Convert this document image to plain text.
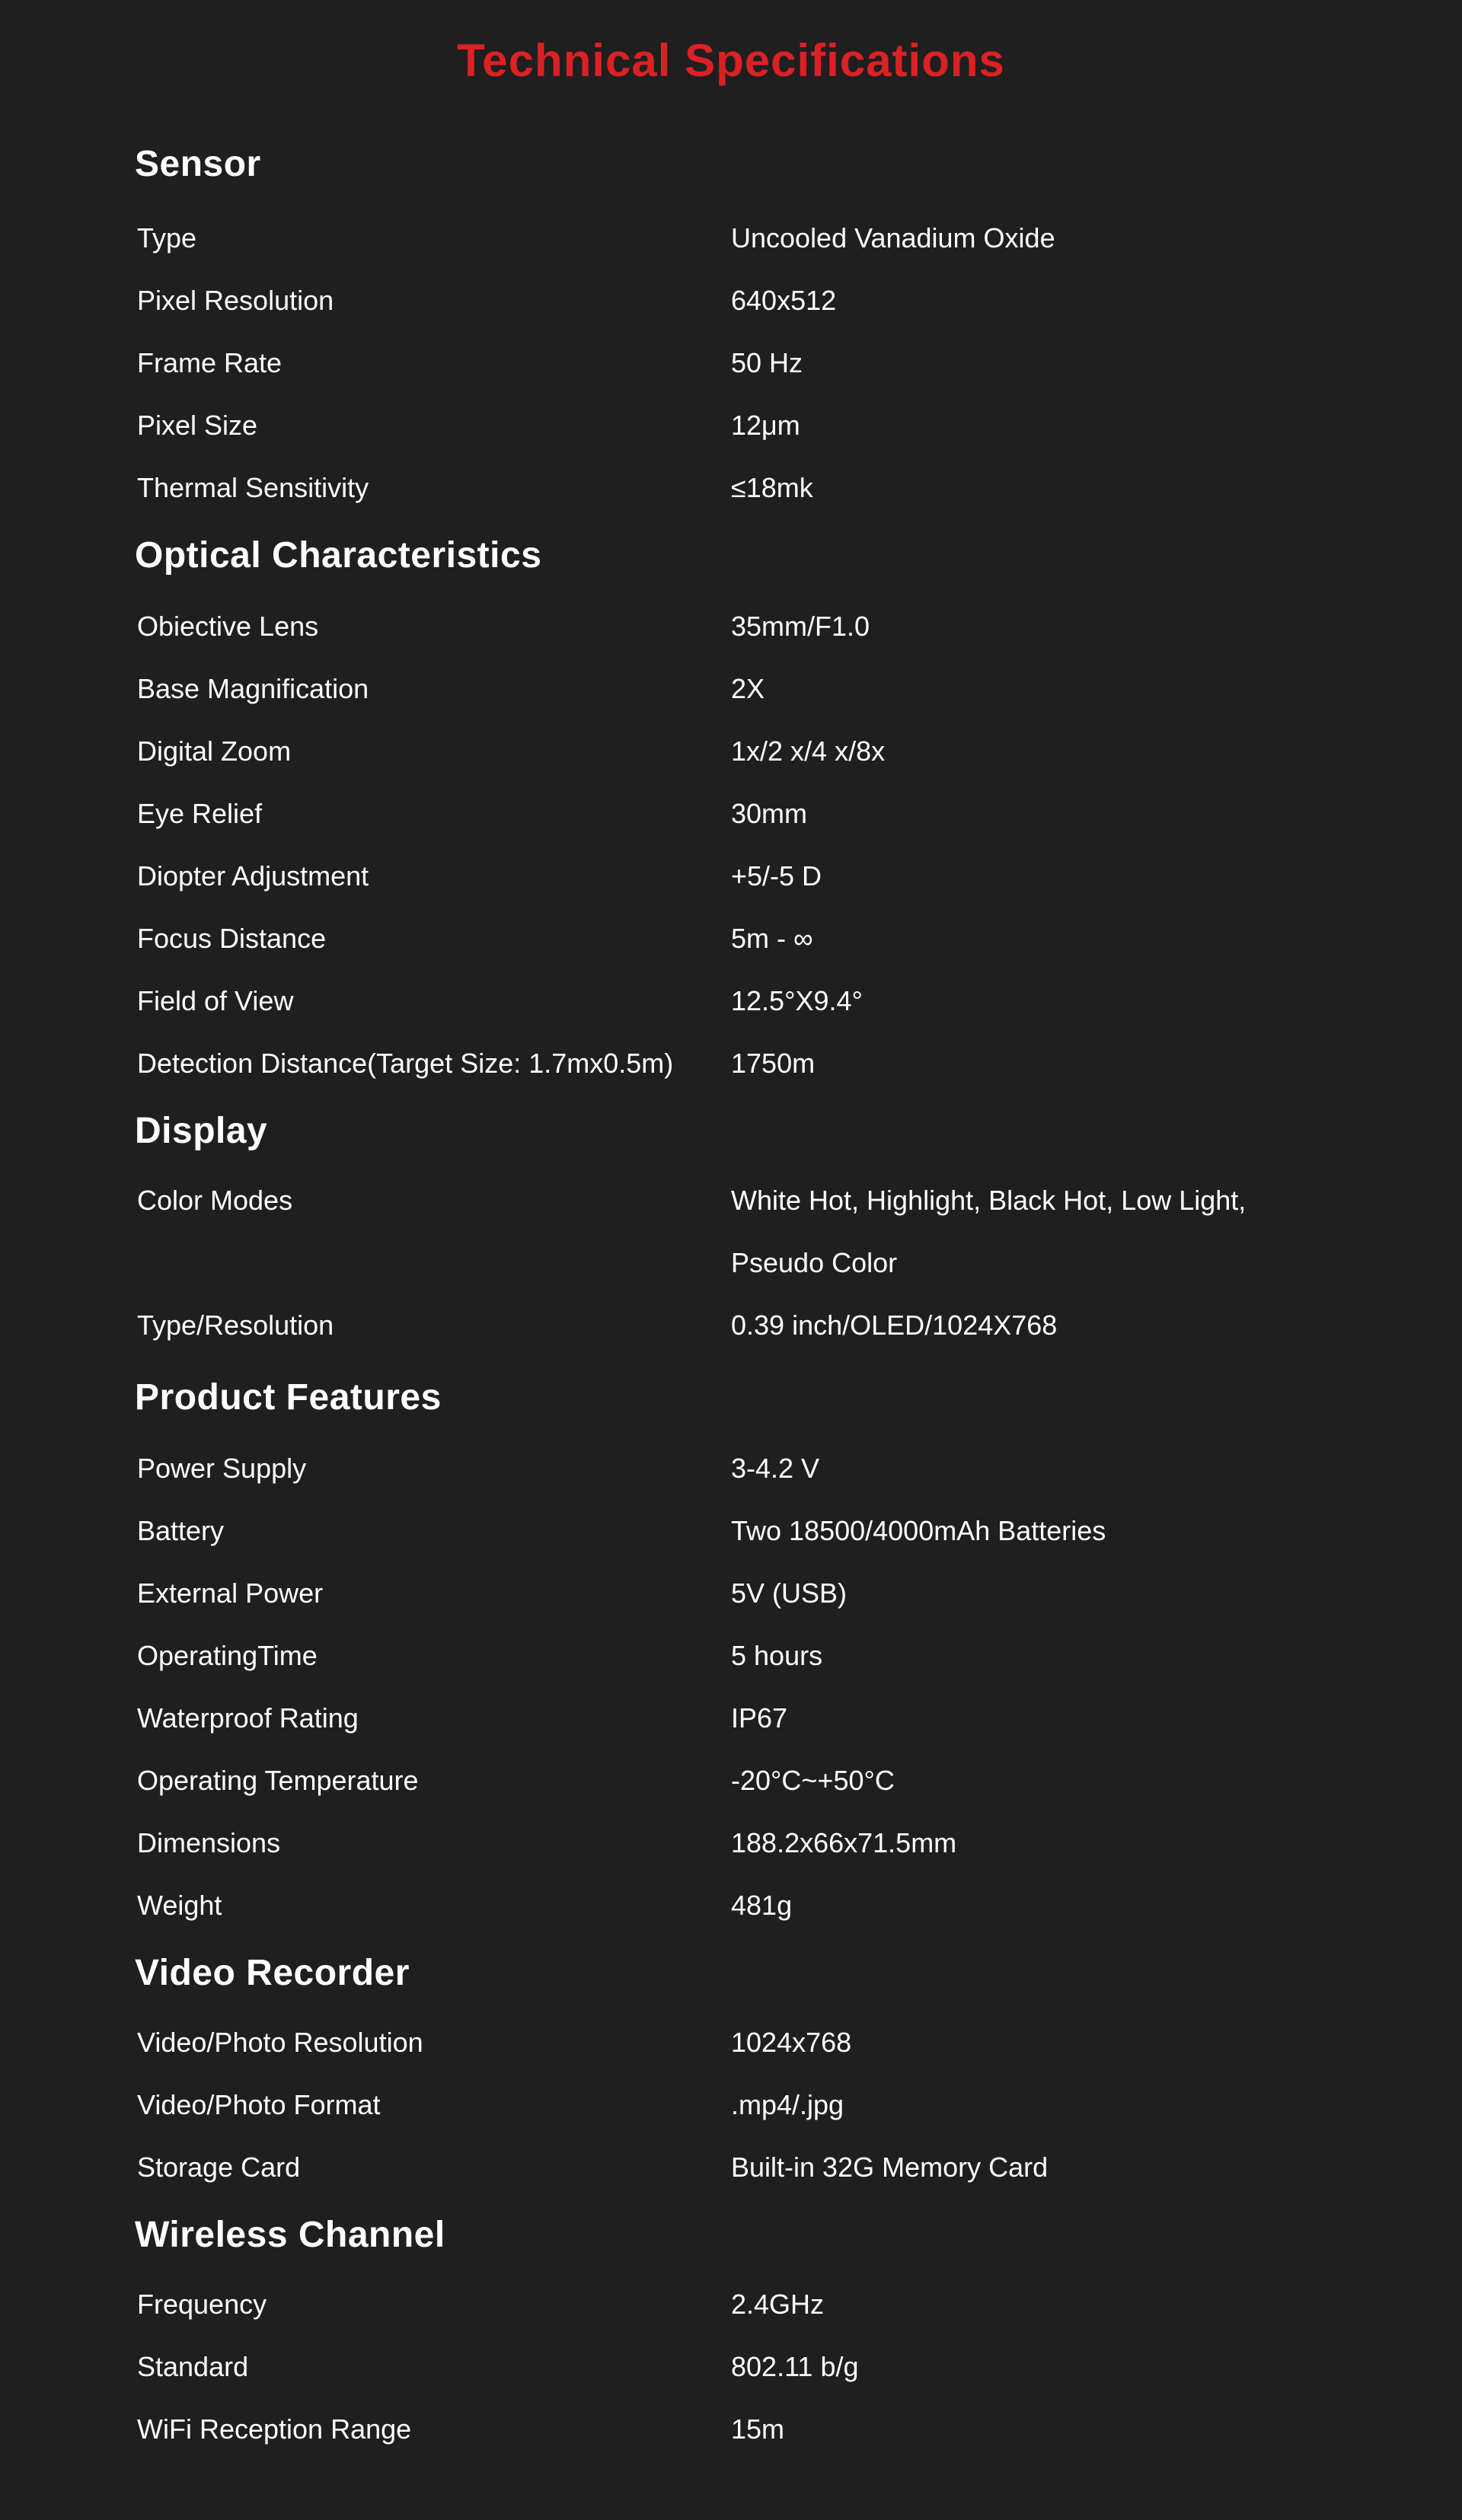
Technical Specifications
Sensor
Type	Uncooled Vanadium Oxide
Pixel Resolution	640x512
Frame Rate	50 Hz
Pixel Size	12μm
Thermal Sensitivity	≤18mk
Optical Characteristics
Obiective Lens	35mm/F1.0
Base Magnification	2X
Digital Zoom	1x/2 x/4 x/8x
Eye Relief	30mm
Diopter Adjustment	+5/-5 D
Focus Distance	5m - ∞
Field of View	12.5°X9.4°
Detection Distance(Target Size: 1.7mx0.5m) 1750m
Display
Color Modes	White Hot, Highlight, Black Hot, Low Light,
Pseudo Color
Type/Resolution	0.39 inch/OLED/1024X768
Product Features
Power Supply	3-4.2 V
Battery	Two 18500/4000mAh Batteries
External Power	5V (USB)
OperatingTime	5 hours
Waterproof Rating	IP67
Operating Temperature	-20°C~+50°C
Dimensions	188.2x66x71.5mm
Weight	481g
Video Recorder
Video/Photo Resolution	1024x768
Video/Photo Format	.mp4/.jpg
Storage Card	Built-in 32G Memory Card
Wireless Channel
Frequency	2.4GHz
Standard	802.11 b/g
WiFi Reception Range	15m
